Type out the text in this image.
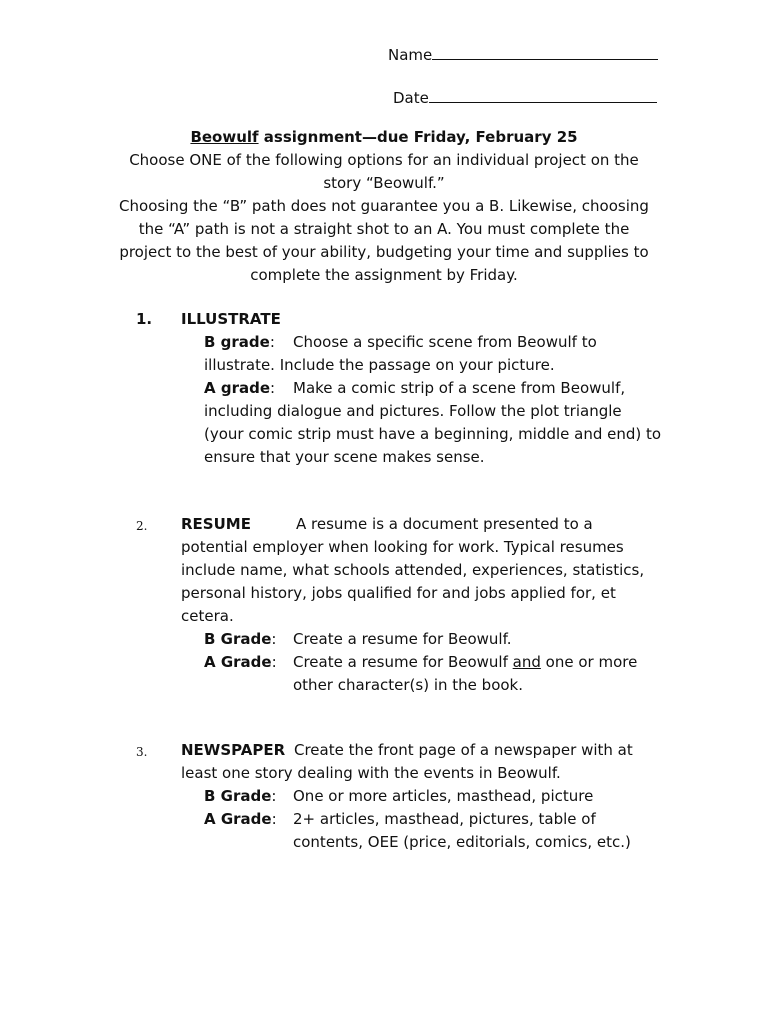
Name
Date
Beowulf assignment—due Friday, February 25
Choose ONE of the following options for an individual project on the
story “Beowulf.”
Choosing the “B” path does not guarantee you a B. Likewise, choosing
the “A” path is not a straight shot to an A. You must complete the
project to the best of your ability, budgeting your time and supplies to
complete the assignment by Friday.
1. ILLUSTRATE
B grade: Choose a specific scene from Beowulf to
illustrate. Include the passage on your picture.
A grade: Make a comic strip of a scene from Beowulf,
including dialogue and pictures. Follow the plot triangle
(your comic strip must have a beginning, middle and end) to
ensure that your scene makes sense.
2. RESUME	A resume is a document presented to a
potential employer when looking for work. Typical resumes
include name, what schools attended, experiences, statistics,
personal history, jobs qualified for and jobs applied for, et
cetera.
B Grade: Create a resume for Beowulf.
A Grade: Create a resume for Beowulf and one or more
other character(s) in the book.
3. NEWSPAPER Create the front page of a newspaper with at
least one story dealing with the events in Beowulf.
B Grade: One or more articles, masthead, picture
A Grade: 2+ articles, masthead, pictures, table of
contents, OEE (price, editorials, comics, etc.)
